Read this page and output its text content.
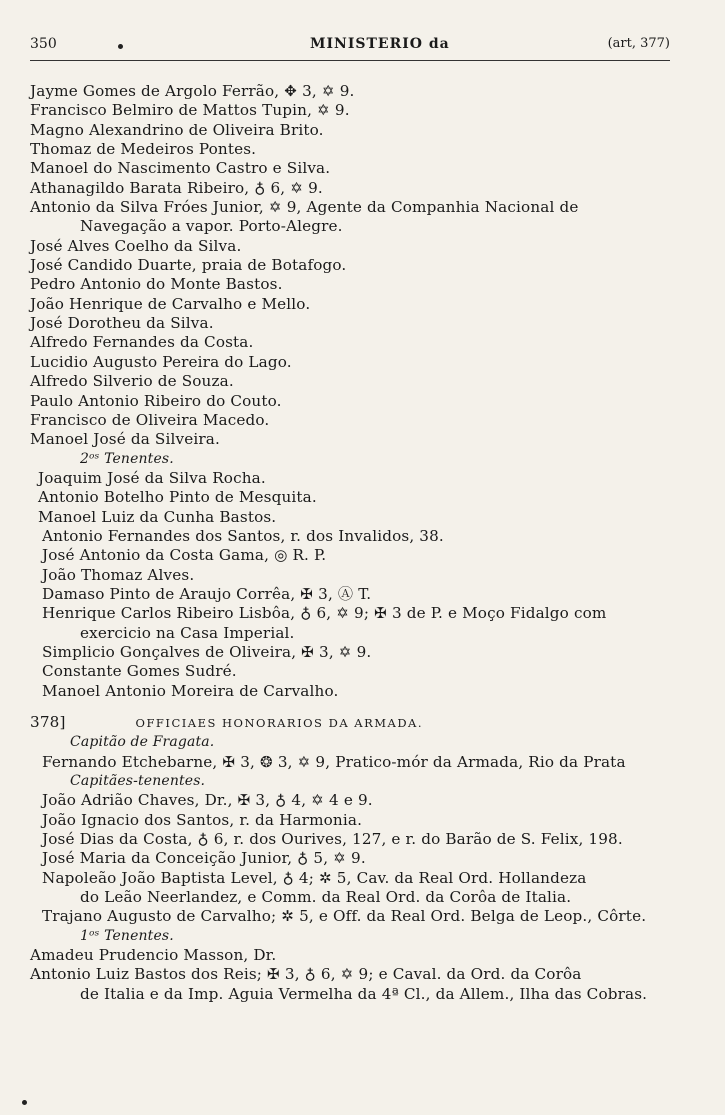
350	MINISTERIO da	(art, 377)
Jayme Gomes de Argolo Ferrão, ✥ 3, ✡ 9.
Francisco Belmiro de Mattos Tupin, ✡ 9.
Magno Alexandrino de Oliveira Brito.
Thomaz de Medeiros Pontes.
Manoel do Nascimento Castro e Silva.
Athanagildo Barata Ribeiro, ♁ 6, ✡ 9.
Antonio da Silva Fróes Junior, ✡ 9, Agente da Companhia Nacional de
Navegação a vapor. Porto-Alegre.
José Alves Coelho da Silva.
José Candido Duarte, praia de Botafogo.
Pedro Antonio do Monte Bastos.
João Henrique de Carvalho e Mello.
José Dorotheu da Silva.
Alfredo Fernandes da Costa.
Lucidio Augusto Pereira do Lago.
Alfredo Silverio de Souza.
Paulo Antonio Ribeiro do Couto.
Francisco de Oliveira Macedo.
Manoel José da Silveira.
2ᵒˢ Tenentes.
Joaquim José da Silva Rocha.
Antonio Botelho Pinto de Mesquita.
Manoel Luiz da Cunha Bastos.
Antonio Fernandes dos Santos, r. dos Invalidos, 38.
José Antonio da Costa Gama, ◎ R. P.
João Thomaz Alves.
Damaso Pinto de Araujo Corrêa, ✠ 3, Ⓐ T.
Henrique Carlos Ribeiro Lisbôa, ♁ 6, ✡ 9; ✠ 3 de P. e Moço Fidalgo com
exercicio na Casa Imperial.
Simplicio Gonçalves de Oliveira, ✠ 3, ✡ 9.
Constante Gomes Sudré.
Manoel Antonio Moreira de Carvalho.
378]	OFFICIAES HONORARIOS DA ARMADA.
Capitão de Fragata.
Fernando Etchebarne, ✠ 3, ❂ 3, ✡ 9, Pratico-mór da Armada, Rio da Prata
Capitães-tenentes.
João Adrião Chaves, Dr., ✠ 3, ♁ 4, ✡ 4 e 9.
João Ignacio dos Santos, r. da Harmonia.
José Dias da Costa, ♁ 6, r. dos Ourives, 127, e r. do Barão de S. Felix, 198.
José Maria da Conceição Junior, ♁ 5, ✡ 9.
Napoleão João Baptista Level, ♁ 4; ✲ 5, Cav. da Real Ord. Hollandeza
do Leão Neerlandez, e Comm. da Real Ord. da Corôa de Italia.
Trajano Augusto de Carvalho; ✲ 5, e Off. da Real Ord. Belga de Leop., Côrte.
1ᵒˢ Tenentes.
Amadeu Prudencio Masson, Dr.
Antonio Luiz Bastos dos Reis; ✠ 3, ♁ 6, ✡ 9; e Caval. da Ord. da Corôa
de Italia e da Imp. Aguia Vermelha da 4ª Cl., da Allem., Ilha das Cobras.
